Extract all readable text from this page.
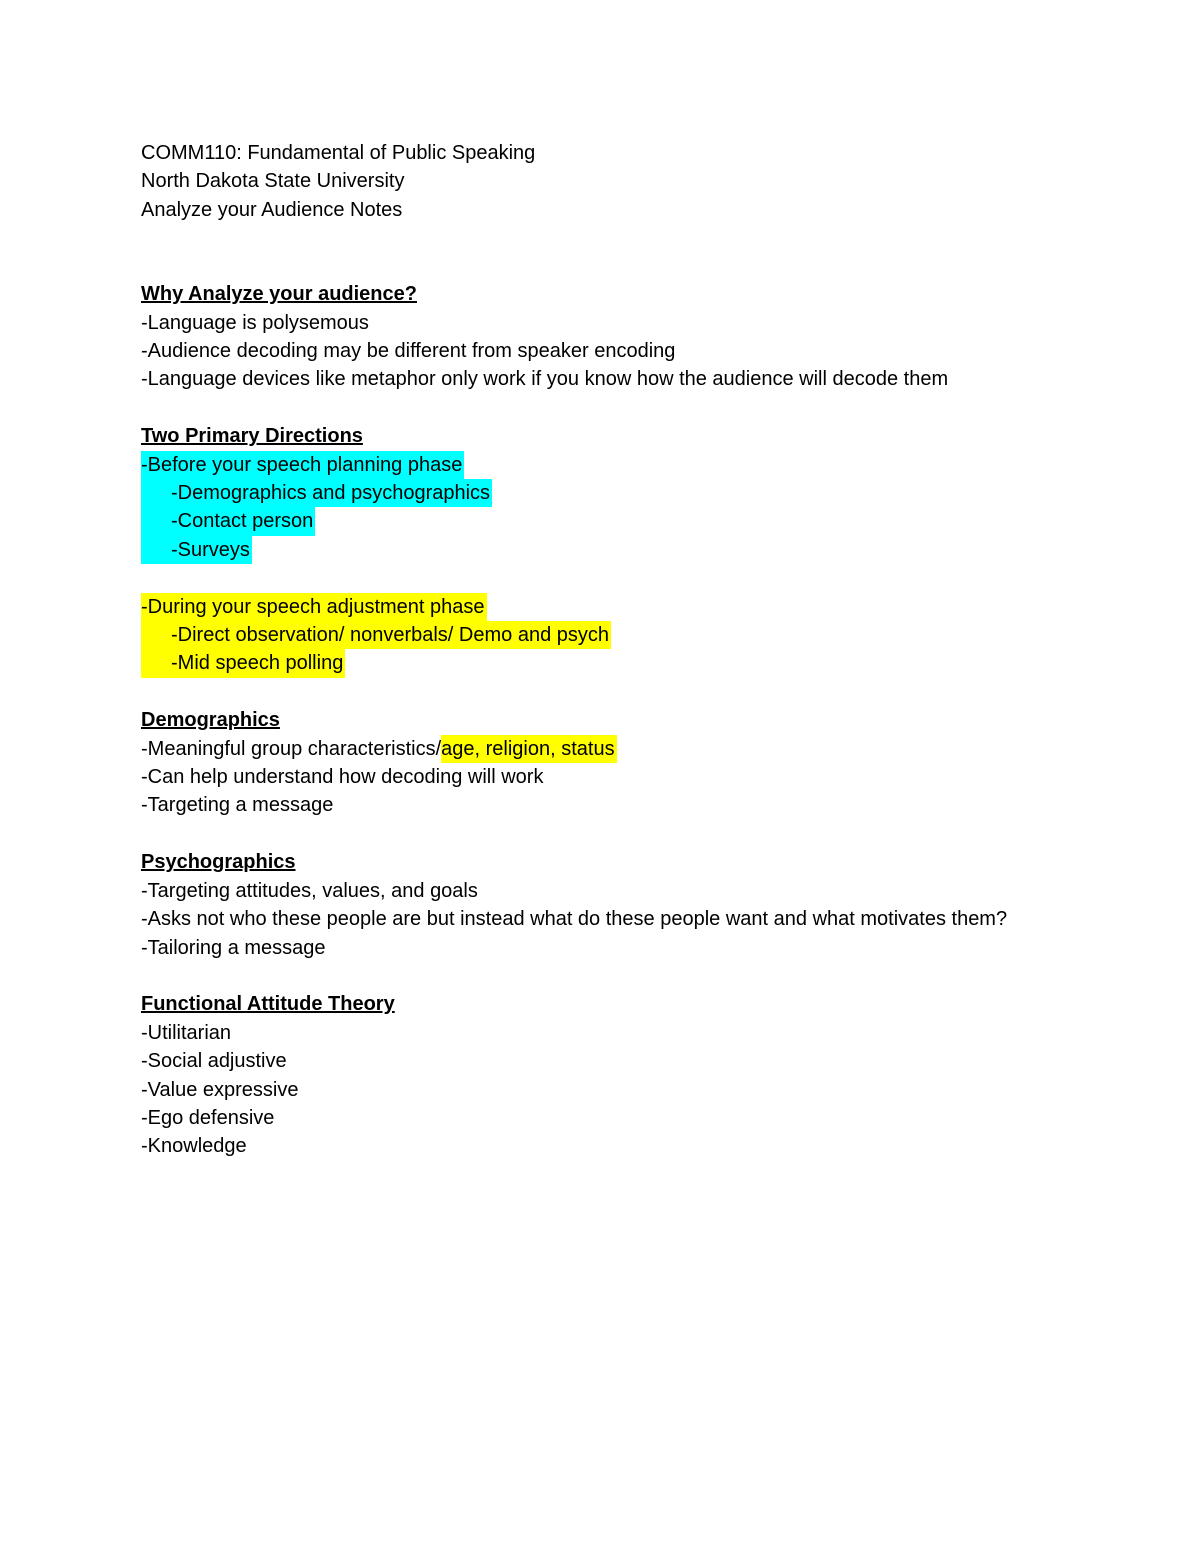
COMM110: Fundamental of Public Speaking
North Dakota State University
Analyze your Audience Notes
Why Analyze your audience?
-Language is polysemous
-Audience decoding may be different from speaker encoding
-Language devices like metaphor only work if you know how the audience will decode them
Two Primary Directions
-Before your speech planning phase
-Demographics and psychographics
-Contact person
-Surveys
-During your speech adjustment phase
-Direct observation/ nonverbals/ Demo and psych
-Mid speech polling
Demographics
-Meaningful group characteristics/age, religion, status
-Can help understand how decoding will work
-Targeting a message
Psychographics
-Targeting attitudes, values, and goals
-Asks not who these people are but instead what do these people want and what motivates them?
-Tailoring a message
Functional Attitude Theory
-Utilitarian
-Social adjustive
-Value expressive
-Ego defensive
-Knowledge
